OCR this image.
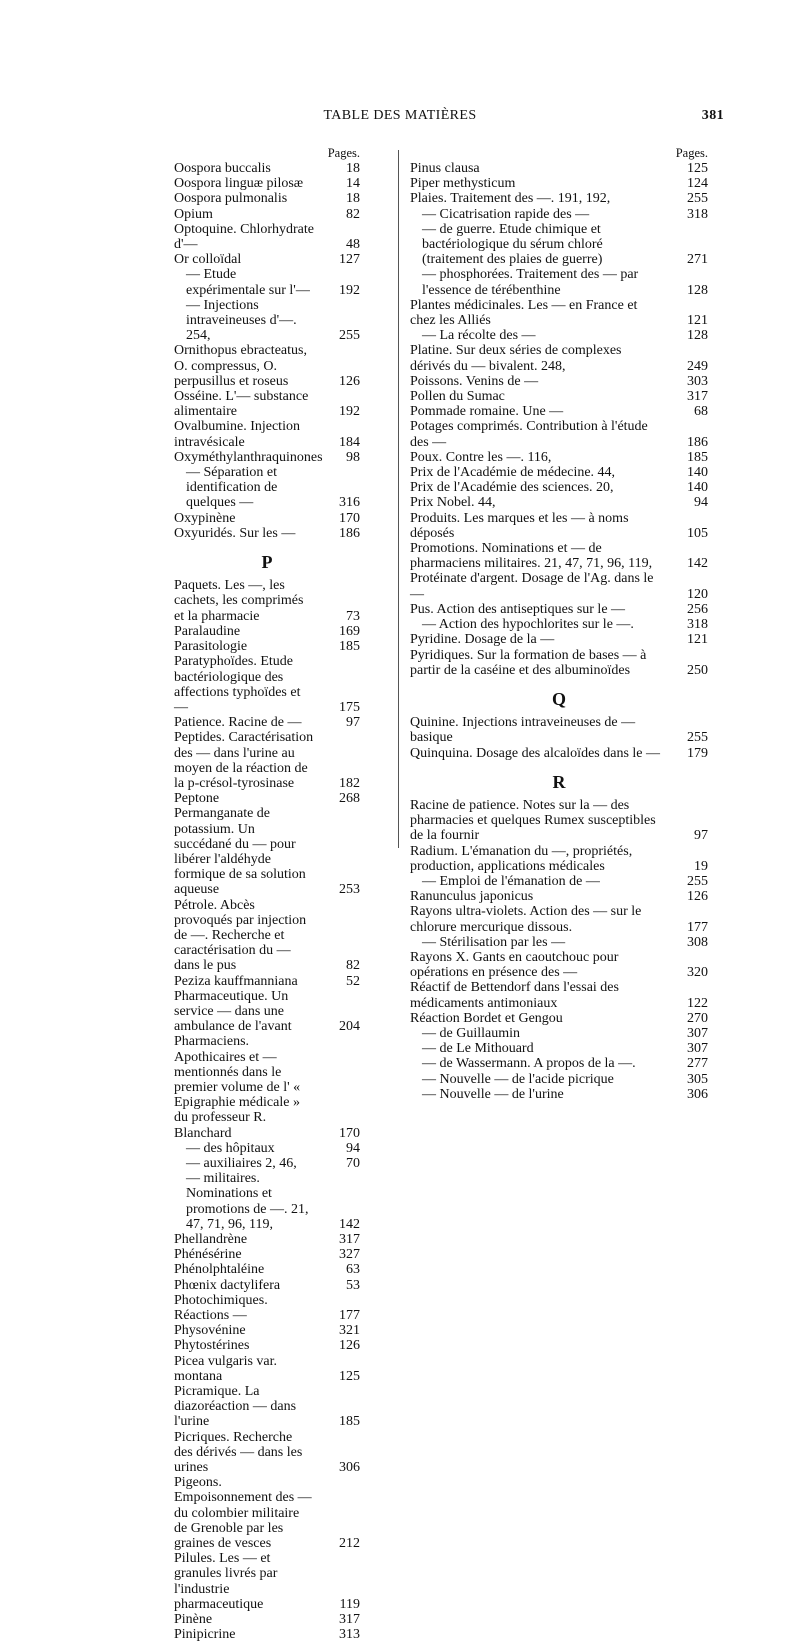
TABLE DES MATIÈRES	381
Pages.
Oospora buccalis	18
Oospora linguæ pilosæ	14
Oospora pulmonalis	18
Opium	82
Optoquine. Chlorhydrate d'—	48
Or colloïdal	127
— Etude expérimentale sur l'—	192
— Injections intraveineuses d'—. 254,	255
Ornithopus ebracteatus, O. compressus, O. perpusillus et roseus	126
Osséine. L'— substance alimentaire	192
Ovalbumine. Injection intravésicale	184
Oxyméthylanthraquinones	98
— Séparation et identification de quelques —	316
Oxypinène	170
Oxyuridés. Sur les —	186
P
Paquets. Les —, les cachets, les comprimés et la pharmacie	73
Paralaudine	169
Parasitologie	185
Paratyphoïdes. Etude bactériologique des affections typhoïdes et —	175
Patience. Racine de —	97
Peptides. Caractérisation des — dans l'urine au moyen de la réaction de la p-crésol-tyrosinase	182
Peptone	268
Permanganate de potassium. Un succédané du — pour libérer l'aldéhyde formique de sa solution aqueuse	253
Pétrole. Abcès provoqués par injection de —. Recherche et caractérisation du — dans le pus	82
Peziza kauffmanniana	52
Pharmaceutique. Un service — dans une ambulance de l'avant	204
Pharmaciens. Apothicaires et — mentionnés dans le premier volume de l' « Epigraphie médicale » du professeur R. Blanchard	170
— des hôpitaux	94
— auxiliaires 2, 46,	70
— militaires. Nominations et promotions de —. 21, 47, 71, 96, 119,	142
Phellandrène	317
Phénésérine	327
Phénolphtaléine	63
Phœnix dactylifera	53
Photochimiques. Réactions —	177
Physovénine	321
Phytostérines	126
Picea vulgaris var. montana	125
Picramique. La diazoréaction — dans l'urine	185
Picriques. Recherche des dérivés — dans les urines	306
Pigeons. Empoisonnement des — du colombier militaire de Grenoble par les graines de vesces	212
Pilules. Les — et granules livrés par l'industrie pharmaceutique	119
Pinène	317
Pinipicrine	313
Pages.
Pinus clausa	125
Piper methysticum	124
Plaies. Traitement des —. 191, 192,	255
— Cicatrisation rapide des —	318
— de guerre. Etude chimique et bactériologique du sérum chloré (traitement des plaies de guerre)	271
— phosphorées. Traitement des — par l'essence de térébenthine	128
Plantes médicinales. Les — en France et chez les Alliés	121
— La récolte des —	128
Platine. Sur deux séries de complexes dérivés du — bivalent. 248,	249
Poissons. Venins de —	303
Pollen du Sumac	317
Pommade romaine. Une —	68
Potages comprimés. Contribution à l'étude des —	186
Poux. Contre les —. 116,	185
Prix de l'Académie de médecine. 44,	140
Prix de l'Académie des sciences. 20,	140
Prix Nobel. 44,	94
Produits. Les marques et les — à noms déposés	105
Promotions. Nominations et — de pharmaciens militaires. 21, 47, 71, 96, 119,	142
Protéinate d'argent. Dosage de l'Ag. dans le —	120
Pus. Action des antiseptiques sur le —	256
— Action des hypochlorites sur le —.	318
Pyridine. Dosage de la —	121
Pyridiques. Sur la formation de bases — à partir de la caséine et des albuminoïdes	250
Q
Quinine. Injections intraveineuses de — basique	255
Quinquina. Dosage des alcaloïdes dans le —	179
R
Racine de patience. Notes sur la — des pharmacies et quelques Rumex susceptibles de la fournir	97
Radium. L'émanation du —, propriétés, production, applications médicales	19
— Emploi de l'émanation de —	255
Ranunculus japonicus	126
Rayons ultra-violets. Action des — sur le chlorure mercurique dissous.	177
— Stérilisation par les —	308
Rayons X. Gants en caoutchouc pour opérations en présence des —	320
Réactif de Bettendorf dans l'essai des médicaments antimoniaux	122
Réaction Bordet et Gengou	270
— de Guillaumin	307
— de Le Mithouard	307
— de Wassermann. A propos de la —.	277
— Nouvelle — de l'acide picrique	305
— Nouvelle — de l'urine	306
